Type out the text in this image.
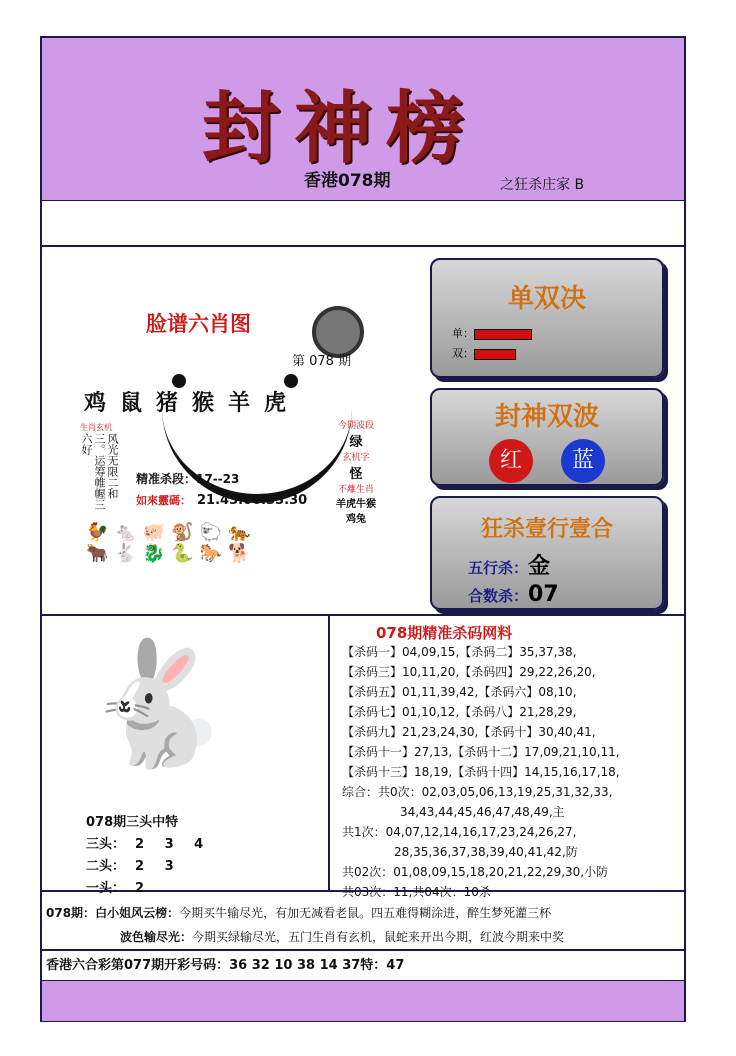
封神榜
香港078期	之狂杀庄家 B
脸谱六肖图
第 078 期
鸡鼠猪猴羊虎
生肖玄机
风光无限二和三。运筹帷幄三六好
今期波段
绿
玄机字
怪
不離生肖
羊虎牛猴鸡兔
精准杀段：17--23
如來靈碼： 21.43.06.33.30
🐓🐁🐖🐒🐑🐅
🐂🐇🐉🐍🐎🐕
单双决
单：
双：
封神双波
红 蓝
狂杀壹行壹合
五行杀：金
合数杀：07
🐇
078期三头中特
三头： 2 3 4
二头： 2 3
一头： 2
078期精准杀码网料
【杀码一】04,09,15,【杀码二】35,37,38,
【杀码三】10,11,20,【杀码四】29,22,26,20,
【杀码五】01,11,39,42,【杀码六】08,10,
【杀码七】01,10,12,【杀码八】21,28,29,
【杀码九】21,23,24,30,【杀码十】30,40,41,
【杀码十一】27,13,【杀码十二】17,09,21,10,11,
【杀码十三】18,19,【杀码十四】14,15,16,17,18,
综合：共0次：02,03,05,06,13,19,25,31,32,33,
34,43,44,45,46,47,48,49,主
共1次：04,07,12,14,16,17,23,24,26,27,
28,35,36,37,38,39,40,41,42,防
共02次：01,08,09,15,18,20,21,22,29,30,小防
共03次：11,共04次：10杀
078期：白小姐风云榜：今期买牛输尽光，有加无减看老鼠。四五难得糊涂进，醉生梦死灌三杯
波色输尽光：今期买绿输尽光，五门生肖有玄机，鼠蛇来开出今期，红波今期来中奖
香港六合彩第077期开彩号码：36 32 10 38 14 37特：47
